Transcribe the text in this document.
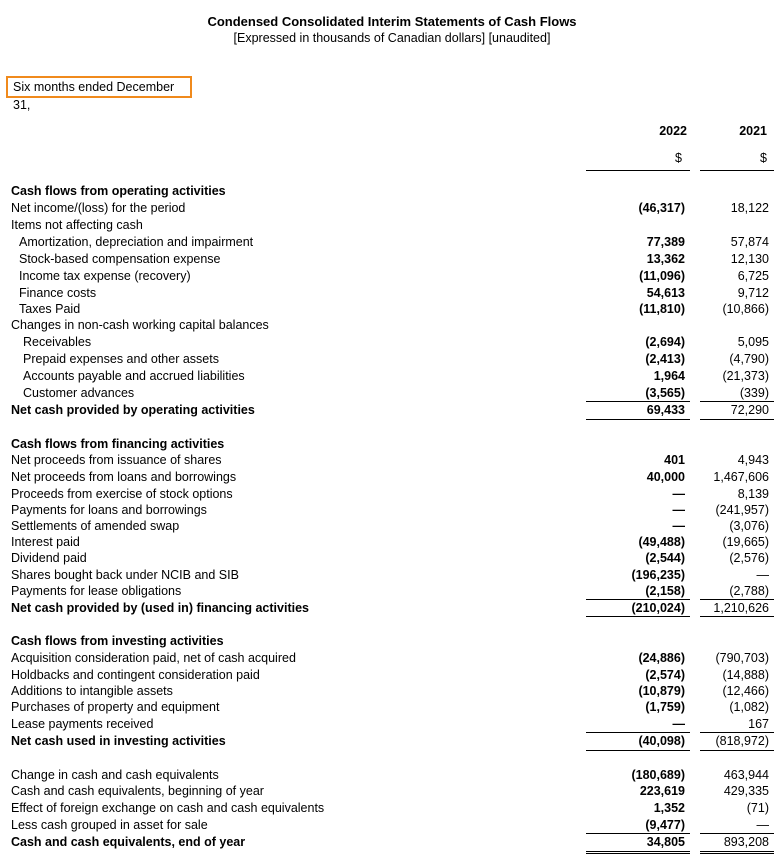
Condensed Consolidated Interim Statements of Cash Flows
[Expressed in thousands of Canadian dollars] [unaudited]
Six months ended December 31,
2022	2021
$	$
Cash flows from operating activities
Net income/(loss) for the period	(46,317)	18,122
Items not affecting cash
Amortization, depreciation and impairment	77,389	57,874
Stock-based compensation expense	13,362	12,130
Income tax expense (recovery)	(11,096)	6,725
Finance costs	54,613	9,712
Taxes Paid	(11,810)	(10,866)
Changes in non-cash working capital balances
Receivables	(2,694)	5,095
Prepaid expenses and other assets	(2,413)	(4,790)
Accounts payable and accrued liabilities	1,964	(21,373)
Customer advances	(3,565)	(339)
Net cash provided by operating activities	69,433	72,290
Cash flows from financing activities
Net proceeds from issuance of shares	401	4,943
Net proceeds from loans and borrowings	40,000 1,467,606
Proceeds from exercise of stock options	—	8,139
Payments for loans and borrowings	— (241,957)
Settlements of amended swap	—	(3,076)
Interest paid	(49,488)	(19,665)
Dividend paid	(2,544)	(2,576)
Shares bought back under NCIB and SIB	(196,235)	—
Payments for lease obligations	(2,158)	(2,788)
Net cash provided by (used in) financing activities	(210,024) 1,210,626
Cash flows from investing activities
Acquisition consideration paid, net of cash acquired	(24,886) (790,703)
Holdbacks and contingent consideration paid	(2,574)	(14,888)
Additions to intangible assets	(10,879)	(12,466)
Purchases of property and equipment	(1,759)	(1,082)
Lease payments received	—	167
Net cash used in investing activities	(40,098) (818,972)
Change in cash and cash equivalents	(180,689)	463,944
Cash and cash equivalents, beginning of year	223,619	429,335
Effect of foreign exchange on cash and cash equivalents	1,352	(71)
Less cash grouped in asset for sale	(9,477)	—
Cash and cash equivalents, end of year	34,805	893,208
